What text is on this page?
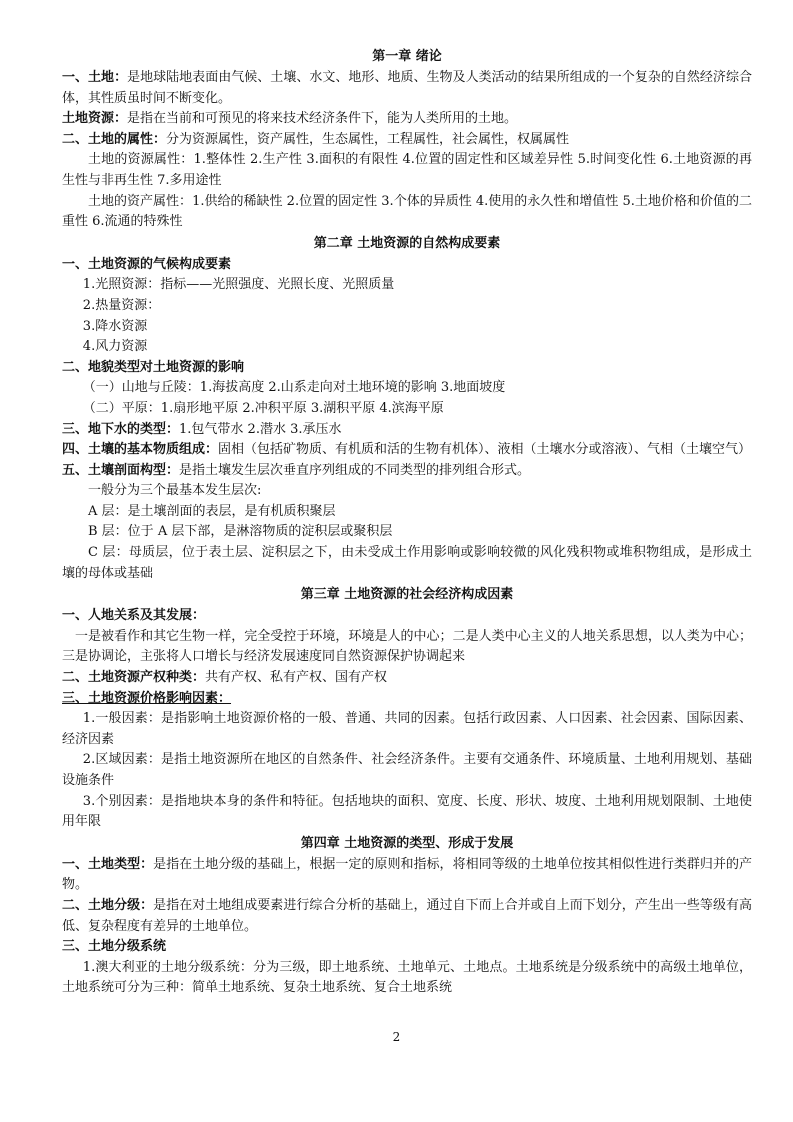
第一章 绪论

一、土地：是地球陆地表面由气候、土壤、水文、地形、地质、生物及人类活动的结果所组成的一个复杂的自然经济综合体，其性质虽时间不断变化。

土地资源：是指在当前和可预见的将来技术经济条件下，能为人类所用的土地。

二、土地的属性：分为资源属性，资产属性，生态属性，工程属性，社会属性，权属属性

土地的资源属性：1.整体性 2.生产性 3.面积的有限性 4.位置的固定性和区域差异性 5.时间变化性 6.土地资源的再生性与非再生性 7.多用途性

土地的资产属性：1.供给的稀缺性 2.位置的固定性 3.个体的异质性 4.使用的永久性和增值性 5.土地价格和价值的二重性 6.流通的特殊性

第二章 土地资源的自然构成要素

一、土地资源的气候构成要素

1.光照资源：指标——光照强度、光照长度、光照质量

2.热量资源：

3.降水资源

4.风力资源

二、地貌类型对土地资源的影响

（一）山地与丘陵：1.海拔高度 2.山系走向对土地环境的影响 3.地面坡度

（二）平原：1.扇形地平原 2.冲积平原 3.湖积平原 4.滨海平原

三、地下水的类型：1.包气带水 2.潜水 3.承压水

四、土壤的基本物质组成：固相（包括矿物质、有机质和活的生物有机体）、液相（土壤水分或溶液）、气相（土壤空气）

五、土壤剖面构型：是指土壤发生层次垂直序列组成的不同类型的排列组合形式。

一般分为三个最基本发生层次:

A 层：是土壤剖面的表层，是有机质积聚层

B 层：位于 A 层下部，是淋溶物质的淀积层或聚积层

C 层：母质层，位于表土层、淀积层之下，由未受成土作用影响或影响较微的风化残积物或堆积物组成，是形成土壤的母体或基础

第三章 土地资源的社会经济构成因素

一、人地关系及其发展：

一是被看作和其它生物一样，完全受控于环境，环境是人的中心；二是人类中心主义的人地关系思想，以人类为中心；三是协调论，主张将人口增长与经济发展速度同自然资源保护协调起来

二、土地资源产权种类：共有产权、私有产权、国有产权

三、土地资源价格影响因素：

1.一般因素：是指影响土地资源价格的一般、普通、共同的因素。包括行政因素、人口因素、社会因素、国际因素、经济因素

2.区域因素：是指土地资源所在地区的自然条件、社会经济条件。主要有交通条件、环境质量、土地利用规划、基础设施条件

3.个别因素：是指地块本身的条件和特征。包括地块的面积、宽度、长度、形状、坡度、土地利用规划限制、土地使用年限

第四章 土地资源的类型、形成于发展

一、土地类型：是指在土地分级的基础上，根据一定的原则和指标，将相同等级的土地单位按其相似性进行类群归并的产物。

二、土地分级：是指在对土地组成要素进行综合分析的基础上，通过自下而上合并或自上而下划分，产生出一些等级有高低、复杂程度有差异的土地单位。

三、土地分级系统

1.澳大利亚的土地分级系统：分为三级，即土地系统、土地单元、土地点。土地系统是分级系统中的高级土地单位，土地系统可分为三种：简单土地系统、复杂土地系统、复合土地系统

2
